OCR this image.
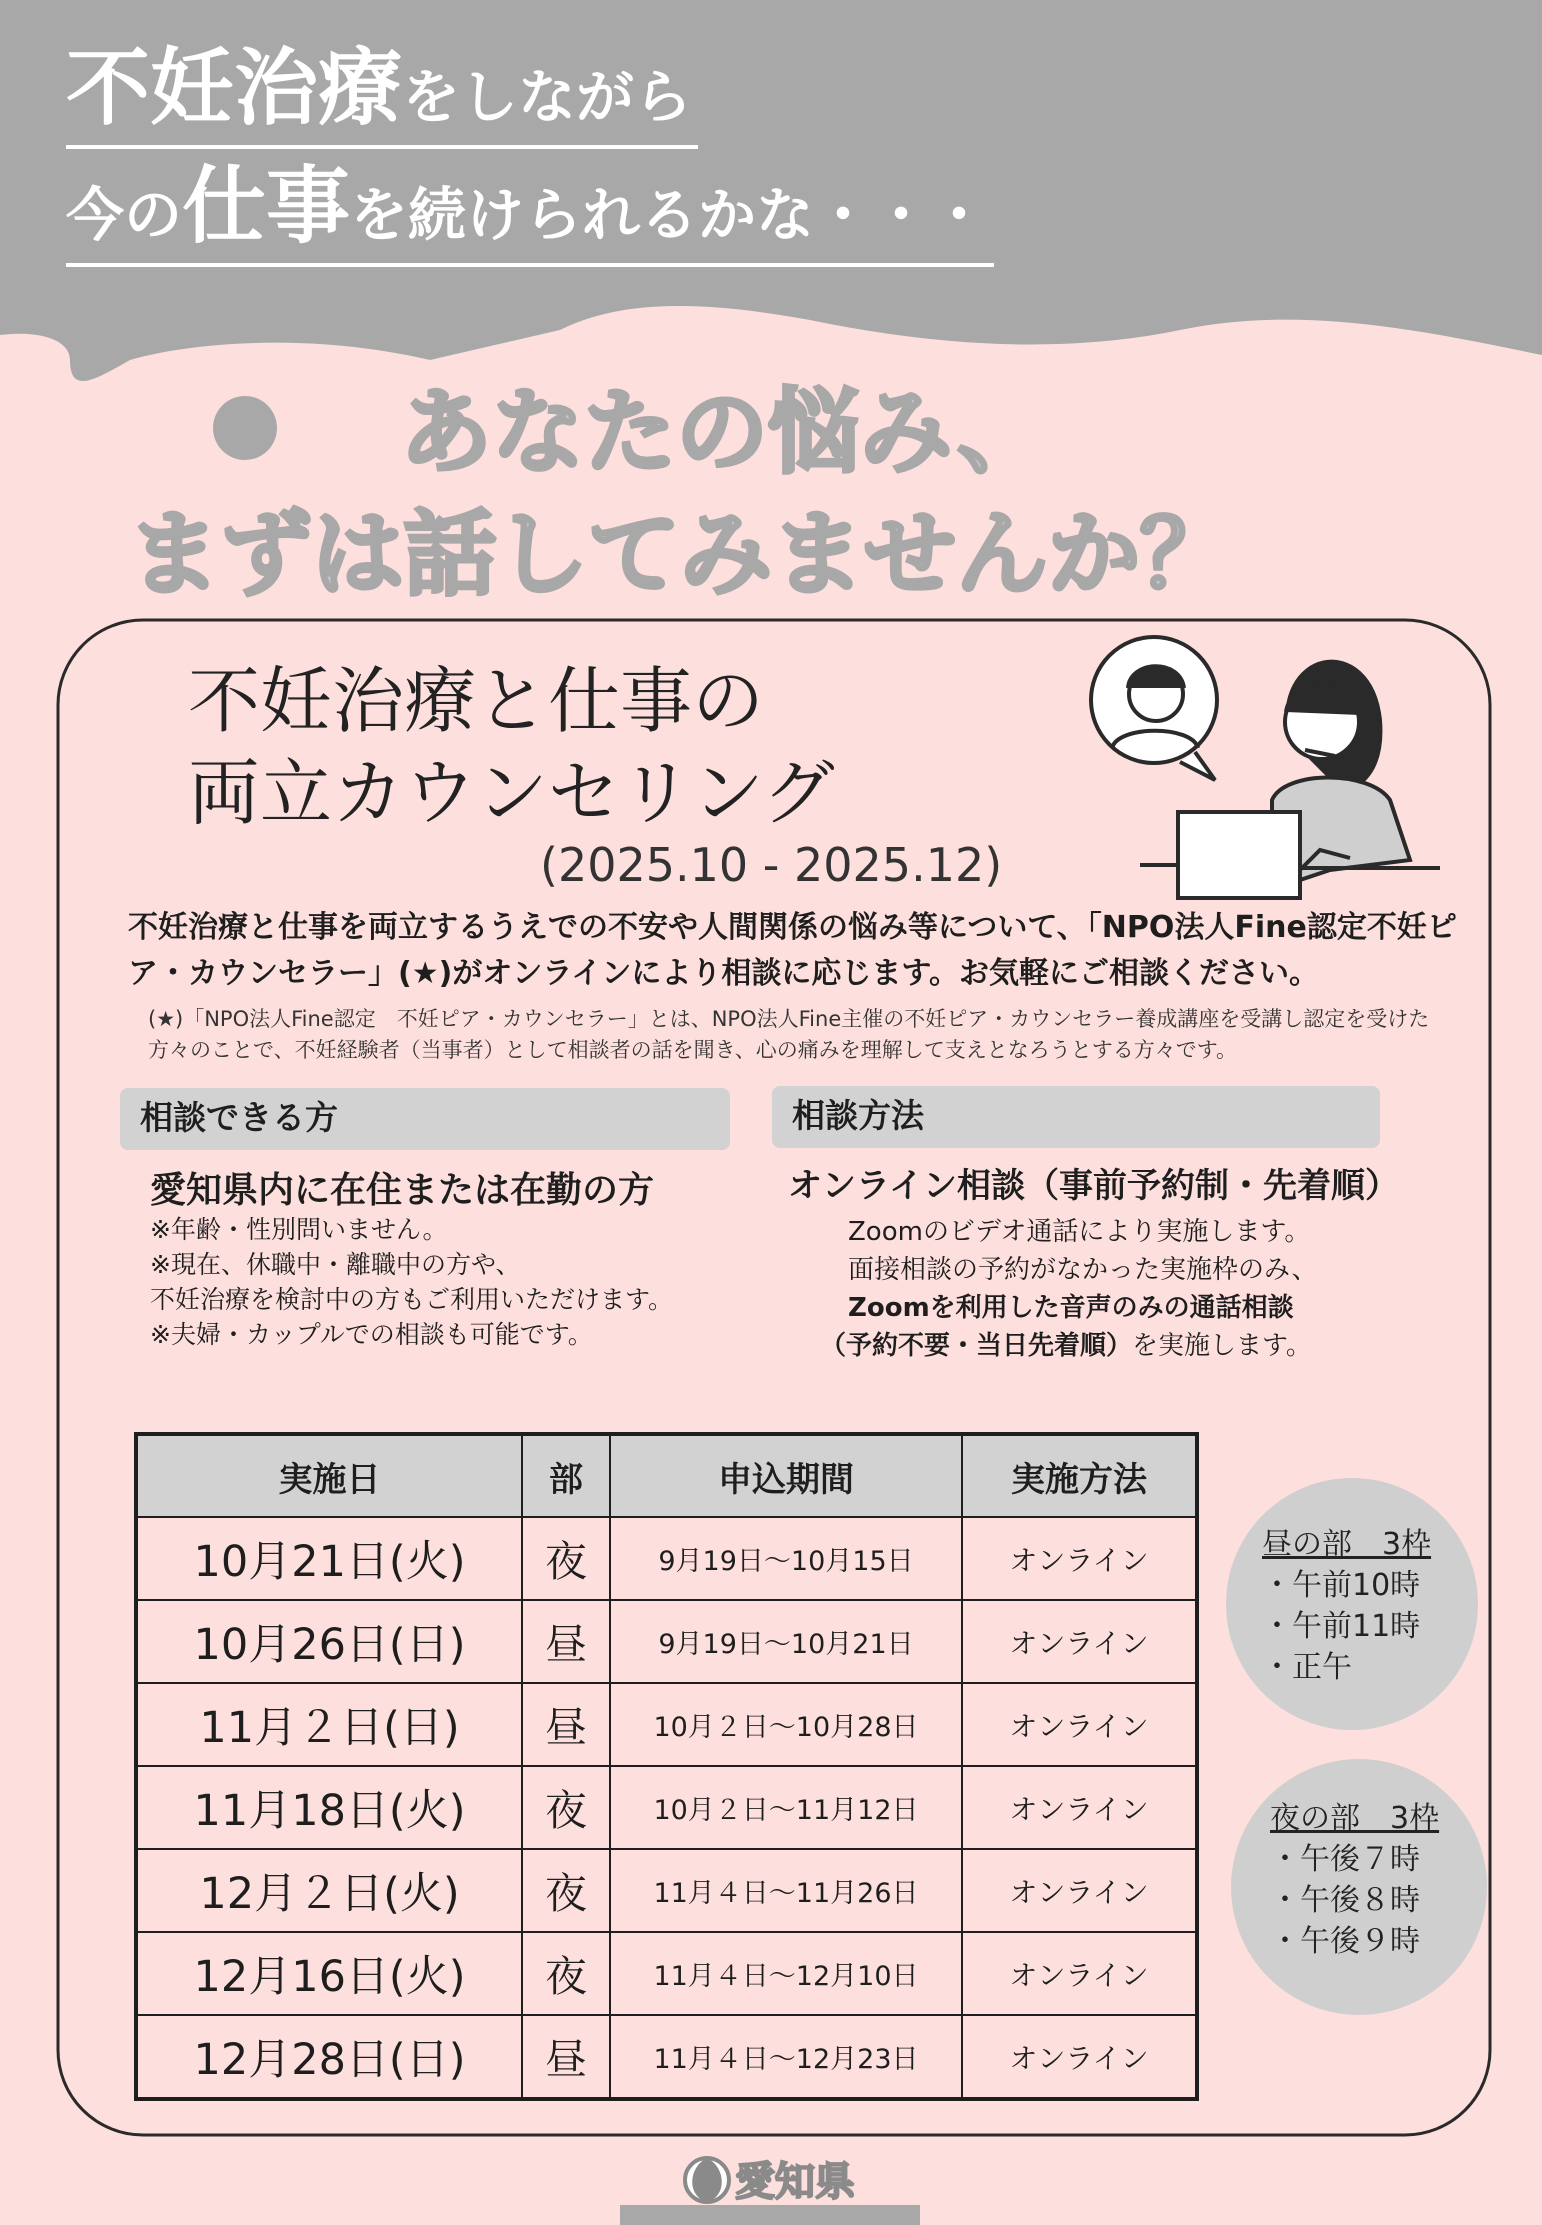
不妊治療をしながら
今の仕事を続けられるかな・・・
あなたの悩み、
まずは話してみませんか？
不妊治療と仕事の
両立カウンセリング
(2025.10 - 2025.12)
不妊治療と仕事を両立するうえでの不安や人間関係の悩み等について、「NPO法人Fine認定不妊ピア・カウンセラー」(★)がオンラインにより相談に応じます。お気軽にご相談ください。
(★)「NPO法人Fine認定　不妊ピア・カウンセラー」とは、NPO法人Fine主催の不妊ピア・カウンセラー養成講座を受講し認定を受けた方々のことで、不妊経験者（当事者）として相談者の話を聞き、心の痛みを理解して支えとなろうとする方々です。
相談できる方
愛知県内に在住または在勤の方
※年齢・性別問いません。
※現在、休職中・離職中の方や、
不妊治療を検討中の方もご利用いただけます。
※夫婦・カップルでの相談も可能です。
相談方法
オンライン相談（事前予約制・先着順）
Zoomのビデオ通話により実施します。
面接相談の予約がなかった実施枠のみ、
Zoomを利用した音声のみの通話相談
（予約不要・当日先着順）を実施します。
実施日	部	申込期間	実施方法
10月21日(火)	夜	9月19日～10月15日	オンライン
10月26日(日)	昼	9月19日～10月21日	オンライン
11月２日(日)	昼	10月２日～10月28日	オンライン
11月18日(火)	夜	10月２日～11月12日	オンライン
12月２日(火)	夜	11月４日～11月26日	オンライン
12月16日(火)	夜	11月４日～12月10日	オンライン
12月28日(日)	昼	11月４日～12月23日	オンライン
昼の部　3枠
・午前10時
・午前11時
・正午
夜の部　3枠
・午後７時
・午後８時
・午後９時
愛知県
